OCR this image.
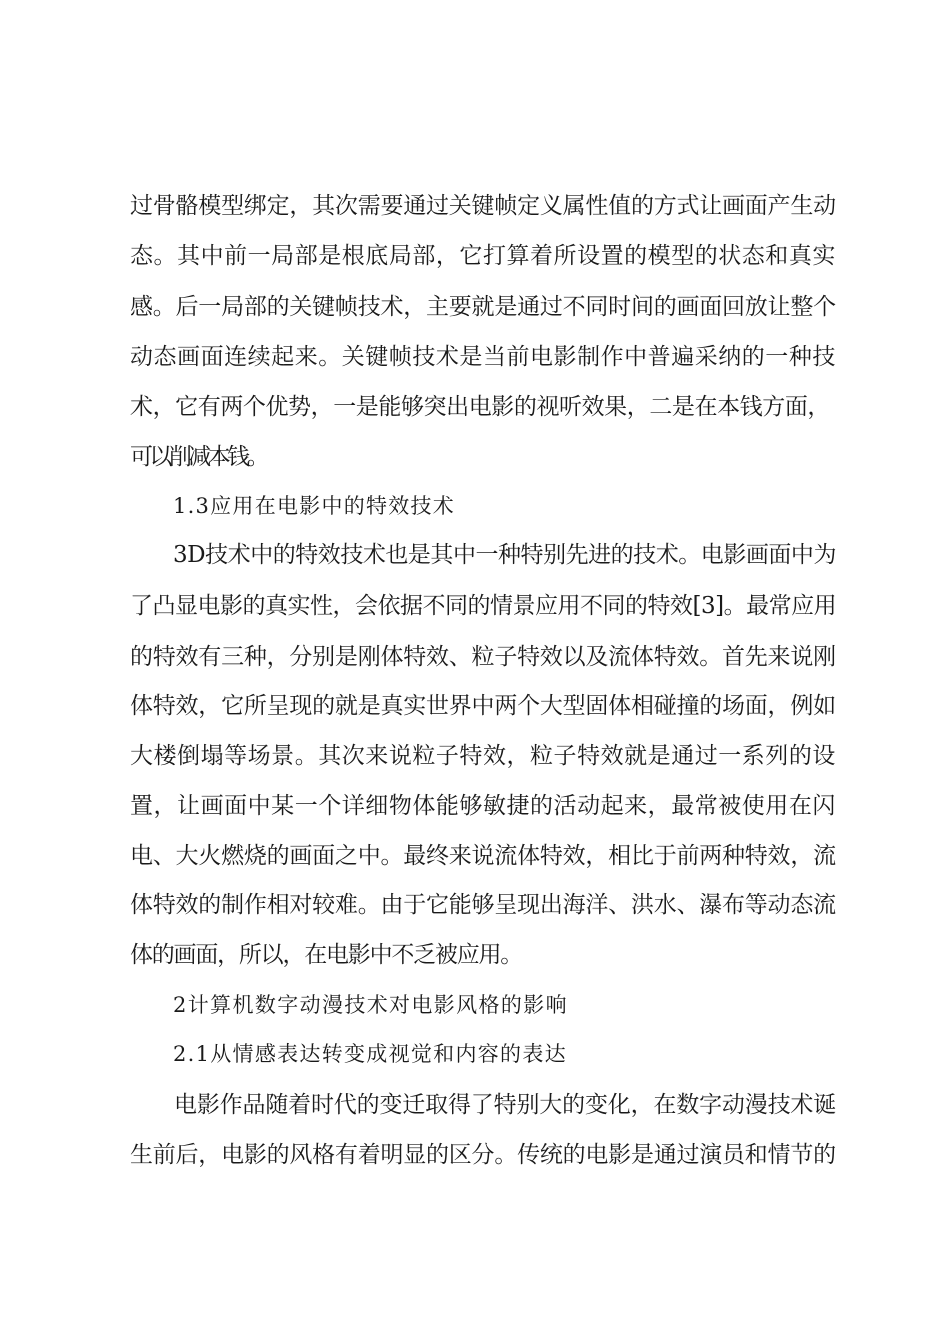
过骨骼模型绑定，其次需要通过关键帧定义属性值的方式让画面产生动
态。其中前一局部是根底局部，它打算着所设置的模型的状态和真实
感。后一局部的关键帧技术，主要就是通过不同时间的画面回放让整个
动态画面连续起来。关键帧技术是当前电影制作中普遍采纳的一种技
术，它有两个优势，一是能够突出电影的视听效果，二是在本钱方面，
可以削减本钱。
1.3应用在电影中的特效技术
3D技术中的特效技术也是其中一种特别先进的技术。电影画面中为
了凸显电影的真实性，会依据不同的情景应用不同的特效[3]。最常应用
的特效有三种，分别是刚体特效、粒子特效以及流体特效。首先来说刚
体特效，它所呈现的就是真实世界中两个大型固体相碰撞的场面，例如
大楼倒塌等场景。其次来说粒子特效，粒子特效就是通过一系列的设
置，让画面中某一个详细物体能够敏捷的活动起来，最常被使用在闪
电、大火燃烧的画面之中。最终来说流体特效，相比于前两种特效，流
体特效的制作相对较难。由于它能够呈现出海洋、洪水、瀑布等动态流
体的画面，所以，在电影中不乏被应用。
2计算机数字动漫技术对电影风格的影响
2.1从情感表达转变成视觉和内容的表达
电影作品随着时代的变迁取得了特别大的变化，在数字动漫技术诞
生前后，电影的风格有着明显的区分。传统的电影是通过演员和情节的
